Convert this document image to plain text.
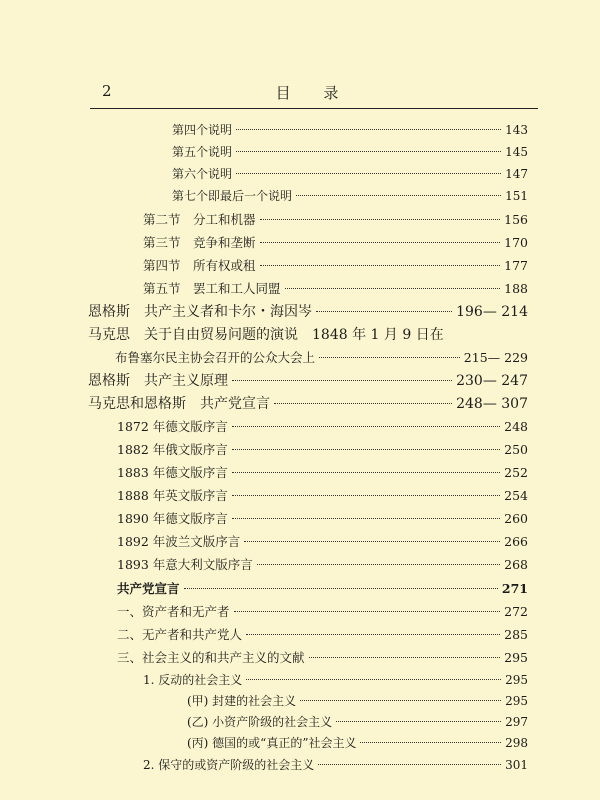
2	目 录
第四个说明	143
第五个说明	145
第六个说明	147
第七个即最后一个说明	151
第二节　分工和机器	156
第三节　竞争和垄断	170
第四节　所有权或租	177
第五节　罢工和工人同盟	188
恩格斯　共产主义者和卡尔・海因岑	196— 214
马克思　关于自由贸易问题的演说　1848 年 1 月 9 日在
布鲁塞尔民主协会召开的公众大会上	215— 229
恩格斯　共产主义原理	230— 247
马克思和恩格斯　共产党宣言	248— 307
1872 年德文版序言	248
1882 年俄文版序言	250
1883 年德文版序言	252
1888 年英文版序言	254
1890 年德文版序言	260
1892 年波兰文版序言	266
1893 年意大利文版序言	268
共产党宣言	271
一、资产者和无产者	272
二、无产者和共产党人	285
三、社会主义的和共产主义的文献	295
1. 反动的社会主义	295
(甲) 封建的社会主义	295
(乙) 小资产阶级的社会主义	297
(丙) 德国的或“真正的”社会主义	298
2. 保守的或资产阶级的社会主义	301
